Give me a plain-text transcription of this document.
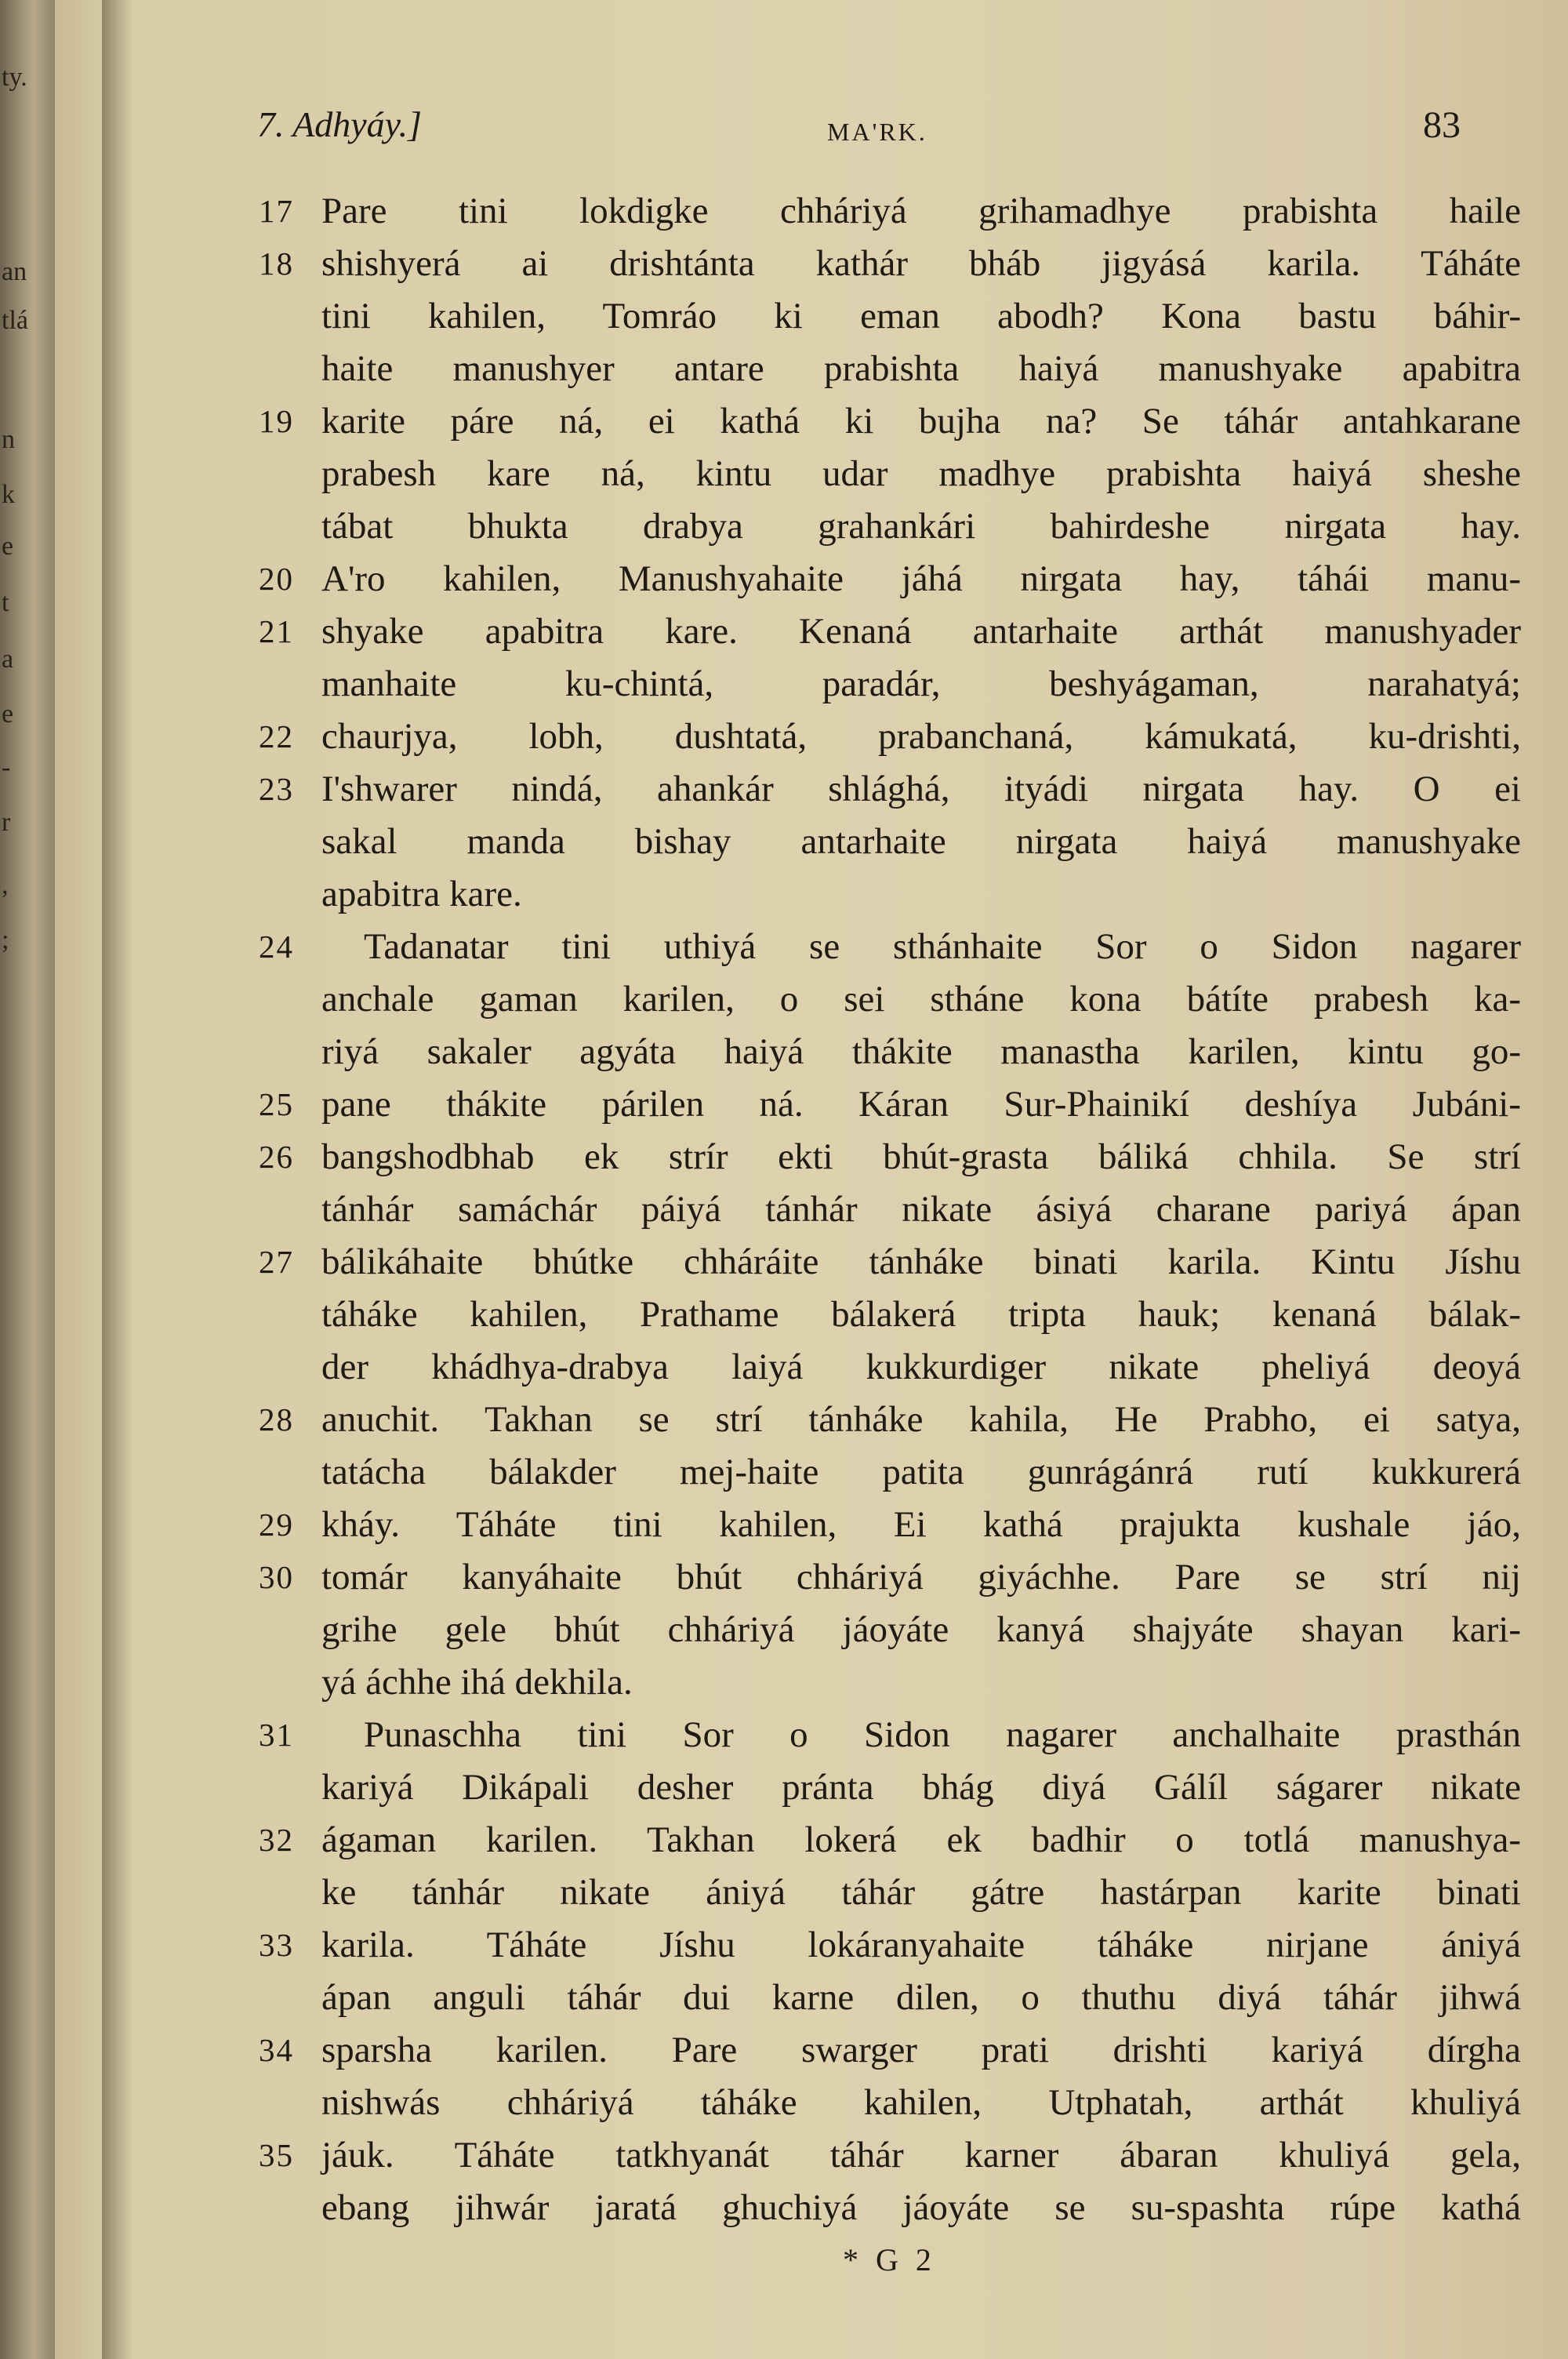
ty.
an
tlá
n
k
e
t
a
e
-
r
,
;
7. Adhyáy.]	MA'RK.	83
17 Pare tini lokdigke chháriyá grihamadhye prabishta haile
18 shishyerá ai drishtánta kathár bháb jigyásá karila. Táháte
tini kahilen, Tomráo ki eman abodh? Kona bastu báhir-
haite manushyer antare prabishta haiyá manushyake apabitra
19 karite páre ná, ei kathá ki bujha na? Se táhár antahkarane
prabesh kare ná, kintu udar madhye prabishta haiyá sheshe
tábat bhukta drabya grahankári bahirdeshe nirgata hay.
20 A'ro kahilen, Manushyahaite jáhá nirgata hay, táhái manu-
21 shyake apabitra kare. Kenaná antarhaite arthát manushyader
manhaite ku-chintá, paradár, beshyágaman, narahatyá;
22 chaurjya, lobh, dushtatá, prabanchaná, kámukatá, ku-drishti,
23 I'shwarer nindá, ahankár shlághá, ityádi nirgata hay. O ei
sakal manda bishay antarhaite nirgata haiyá manushyake
apabitra kare.
24	Tadanatar tini uthiyá se sthánhaite Sor o Sidon nagarer
anchale gaman karilen, o sei sthánе kona bátíte prabesh ka-
riyá sakaler agyáta haiyá thákite manastha karilen, kintu go-
25 pane thákite párilen ná. Káran Sur-Phainikí deshíya Jubáni-
26 bangshodbhab ek strír ekti bhút-grasta báliká chhila. Se strí
tánhár samáchár páiyá tánhár nikate ásiyá charane pariyá ápan
27 bálikáhaite bhútke chháráite tánháke binati karila. Kintu Jíshu
táháke kahilen, Prathame bálakerá tripta hauk; kenaná bálak-
der khádhya-drabya laiyá kukkurdiger nikate pheliyá deoyá
28 anuchit. Takhan se strí tánháke kahila, He Prabho, ei satya,
tatácha bálakder mej-haite patita gunrágánrá rutí kukkurerá
29 kháy. Táháte tini kahilen, Ei kathá prajukta kushale jáo,
30 tomár kanyáhaite bhút chháriyá giyáchhe. Pare se strí nij
grihe gele bhút chháriyá jáoyáte kanyá shajyáte shayan kari-
yá áchhe ihá dekhila.
31	Punaschha tini Sor o Sidon nagarer anchalhaite prasthán
kariyá Dikápali desher pránta bhág diyá Gálíl ságarer nikate
32 ágaman karilen. Takhan lokerá ek badhir o totlá manushya-
ke tánhár nikate ániyá táhár gátre hastárpan karite binati
33 karila. Táháte Jíshu lokáranyahaite táháke nirjane ániyá
ápan anguli táhár dui karne dilen, o thuthu diyá táhár jihwá
34 sparsha karilen. Pare swarger prati drishti kariyá dírgha
nishwás chháriyá táháke kahilen, Utphatah, arthát khuliyá
35 jáuk. Táháte tatkhyanát táhár karner ábaran khuliyá gela,
ebang jihwár jaratá ghuchiyá jáoyáte se su-spashta rúpe kathá
* G 2
